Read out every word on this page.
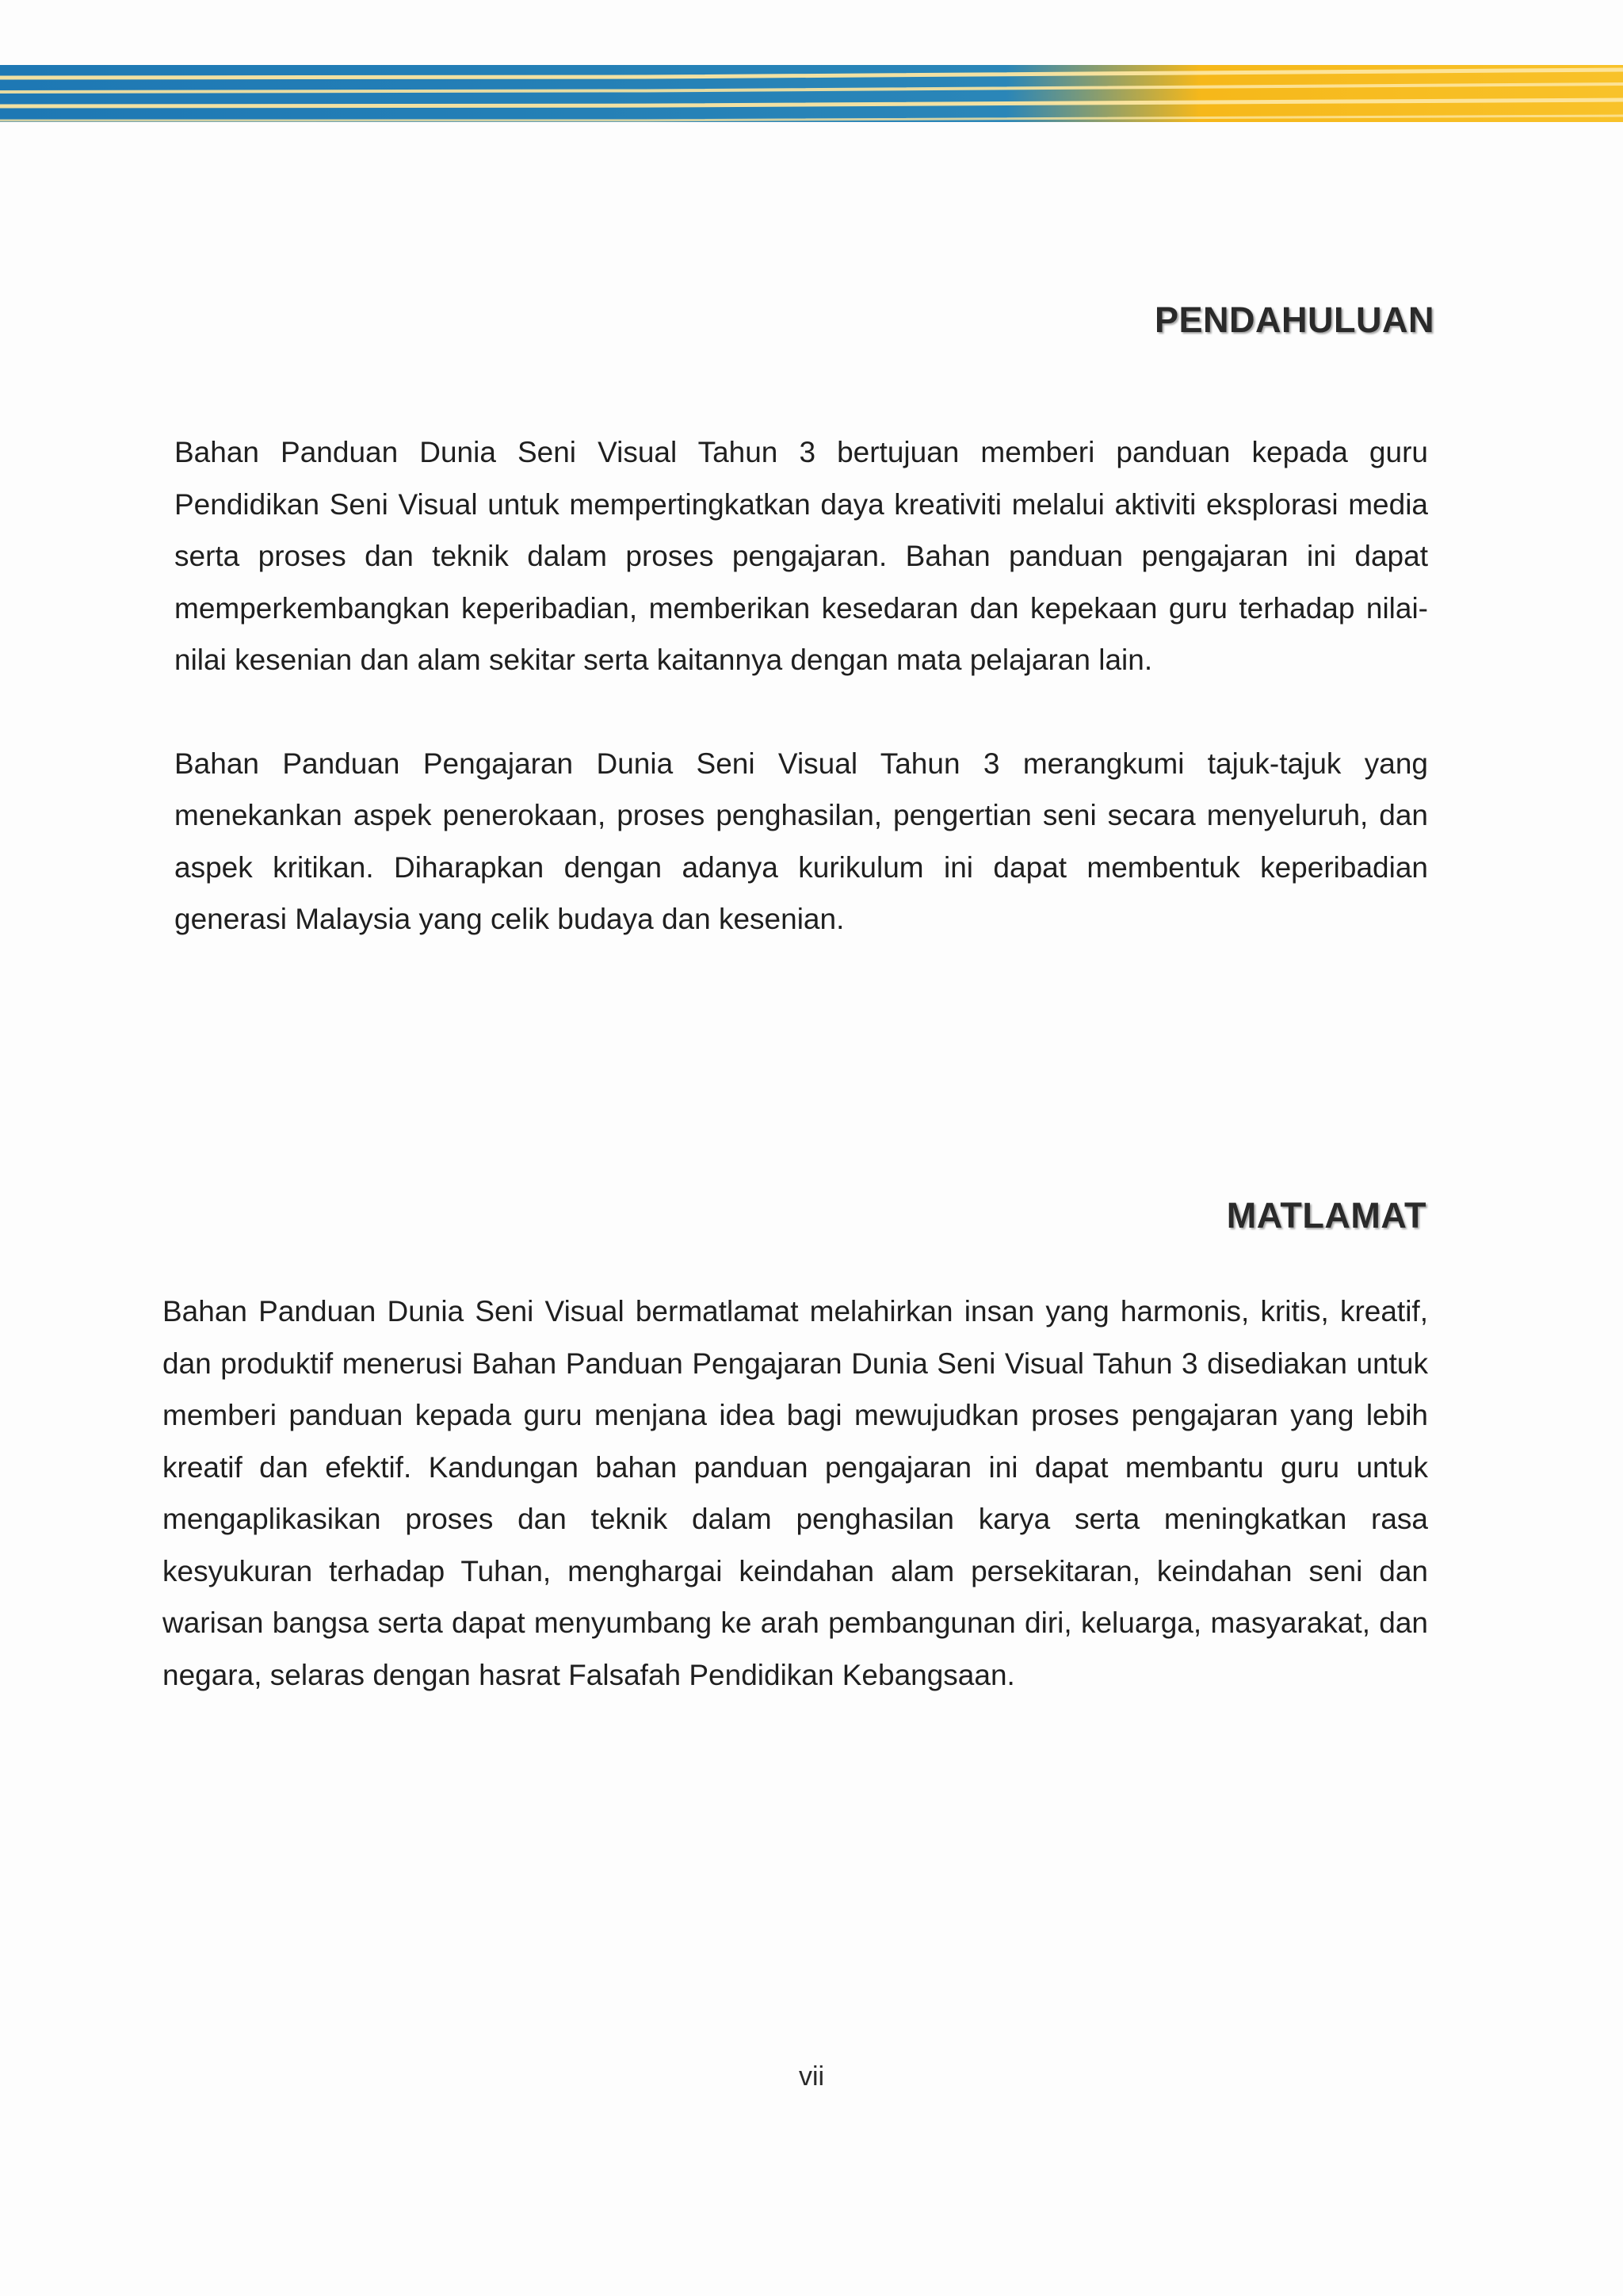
PENDAHULUAN

Bahan Panduan Dunia Seni Visual Tahun 3 bertujuan memberi panduan kepada guru Pendidikan Seni Visual untuk mempertingkatkan daya kreativiti melalui aktiviti eksplorasi media serta proses dan teknik dalam proses pengajaran. Bahan panduan pengajaran ini dapat memperkembangkan keperibadian, memberikan kesedaran dan kepekaan guru terhadap nilai-nilai kesenian dan alam sekitar serta kaitannya dengan mata pelajaran lain.

Bahan Panduan Pengajaran Dunia Seni Visual Tahun 3 merangkumi tajuk-tajuk yang menekankan aspek penerokaan, proses penghasilan, pengertian seni secara menyeluruh, dan aspek kritikan. Diharapkan dengan adanya kurikulum ini dapat membentuk keperibadian generasi Malaysia yang celik budaya dan kesenian.

MATLAMAT

Bahan Panduan Dunia Seni Visual bermatlamat melahirkan insan yang harmonis, kritis, kreatif, dan produktif menerusi Bahan Panduan Pengajaran Dunia Seni Visual Tahun 3 disediakan untuk memberi panduan kepada guru menjana idea bagi mewujudkan proses pengajaran yang lebih kreatif dan efektif. Kandungan bahan panduan pengajaran ini dapat membantu guru untuk mengaplikasikan proses dan teknik dalam penghasilan karya serta meningkatkan rasa kesyukuran terhadap Tuhan, menghargai keindahan alam persekitaran, keindahan seni dan warisan bangsa serta dapat menyumbang ke arah pembangunan diri, keluarga, masyarakat, dan negara, selaras dengan hasrat Falsafah Pendidikan Kebangsaan.

vii
